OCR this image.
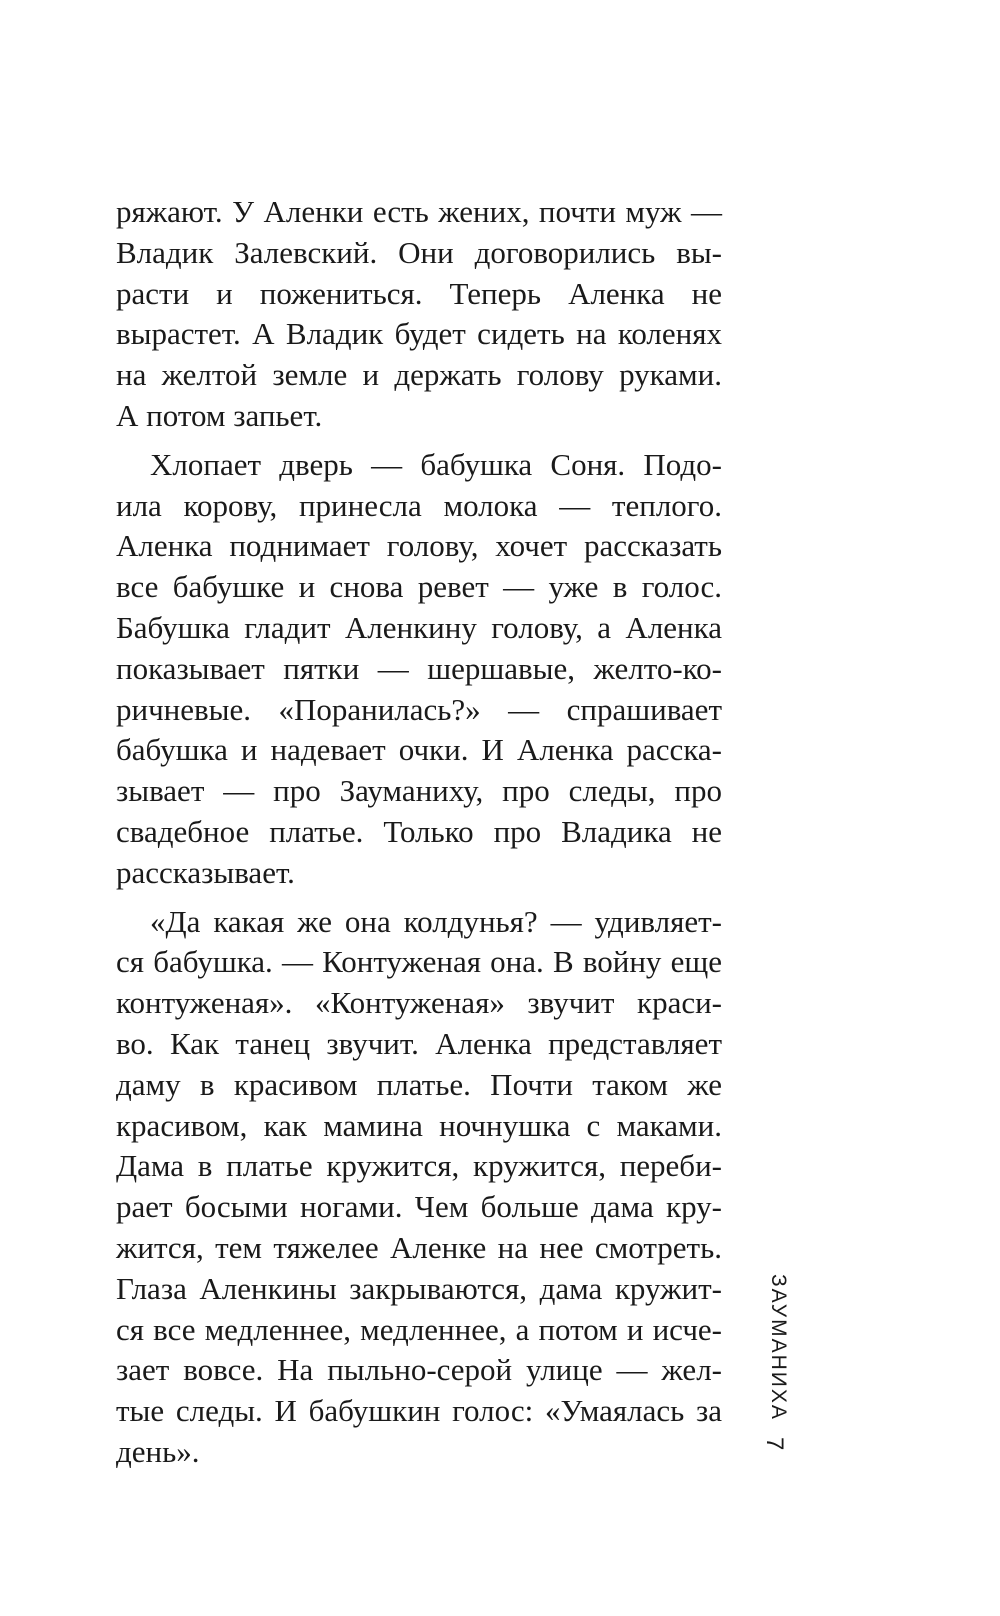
ряжают. У Аленки есть жених, почти муж —
Владик Залевский. Они договорились вы-
расти и пожениться. Теперь Аленка не
вырастет. А Владик будет сидеть на коленях
на желтой земле и держать голову руками.
А потом запьет.
Хлопает дверь — бабушка Соня. Подо-
ила корову, принесла молока — теплого.
Аленка поднимает голову, хочет рассказать
все бабушке и снова ревет — уже в голос.
Бабушка гладит Аленкину голову, а Аленка
показывает пятки — шершавые, желто-ко-
ричневые. «Поранилась?» — спрашивает
бабушка и надевает очки. И Аленка расска-
зывает — про Зауманиху, про следы, про
свадебное платье. Только про Владика не
рассказывает.
«Да какая же она колдунья? — удивляет-
ся бабушка. — Контуженая она. В войну еще
контуженая». «Контуженая» звучит краси-
во. Как танец звучит. Аленка представляет
даму в красивом платье. Почти таком же
красивом, как мамина ночнушка с маками.
Дама в платье кружится, кружится, переби-
рает босыми ногами. Чем больше дама кру-
жится, тем тяжелее Аленке на нее смотреть.
Глаза Аленкины закрываются, дама кружит-
ся все медленнее, медленнее, а потом и исче-
зает вовсе. На пыльно-серой улице — жел-
тые следы. И бабушкин голос: «Умаялась за
день».
ЗАУМАНИХА
7
